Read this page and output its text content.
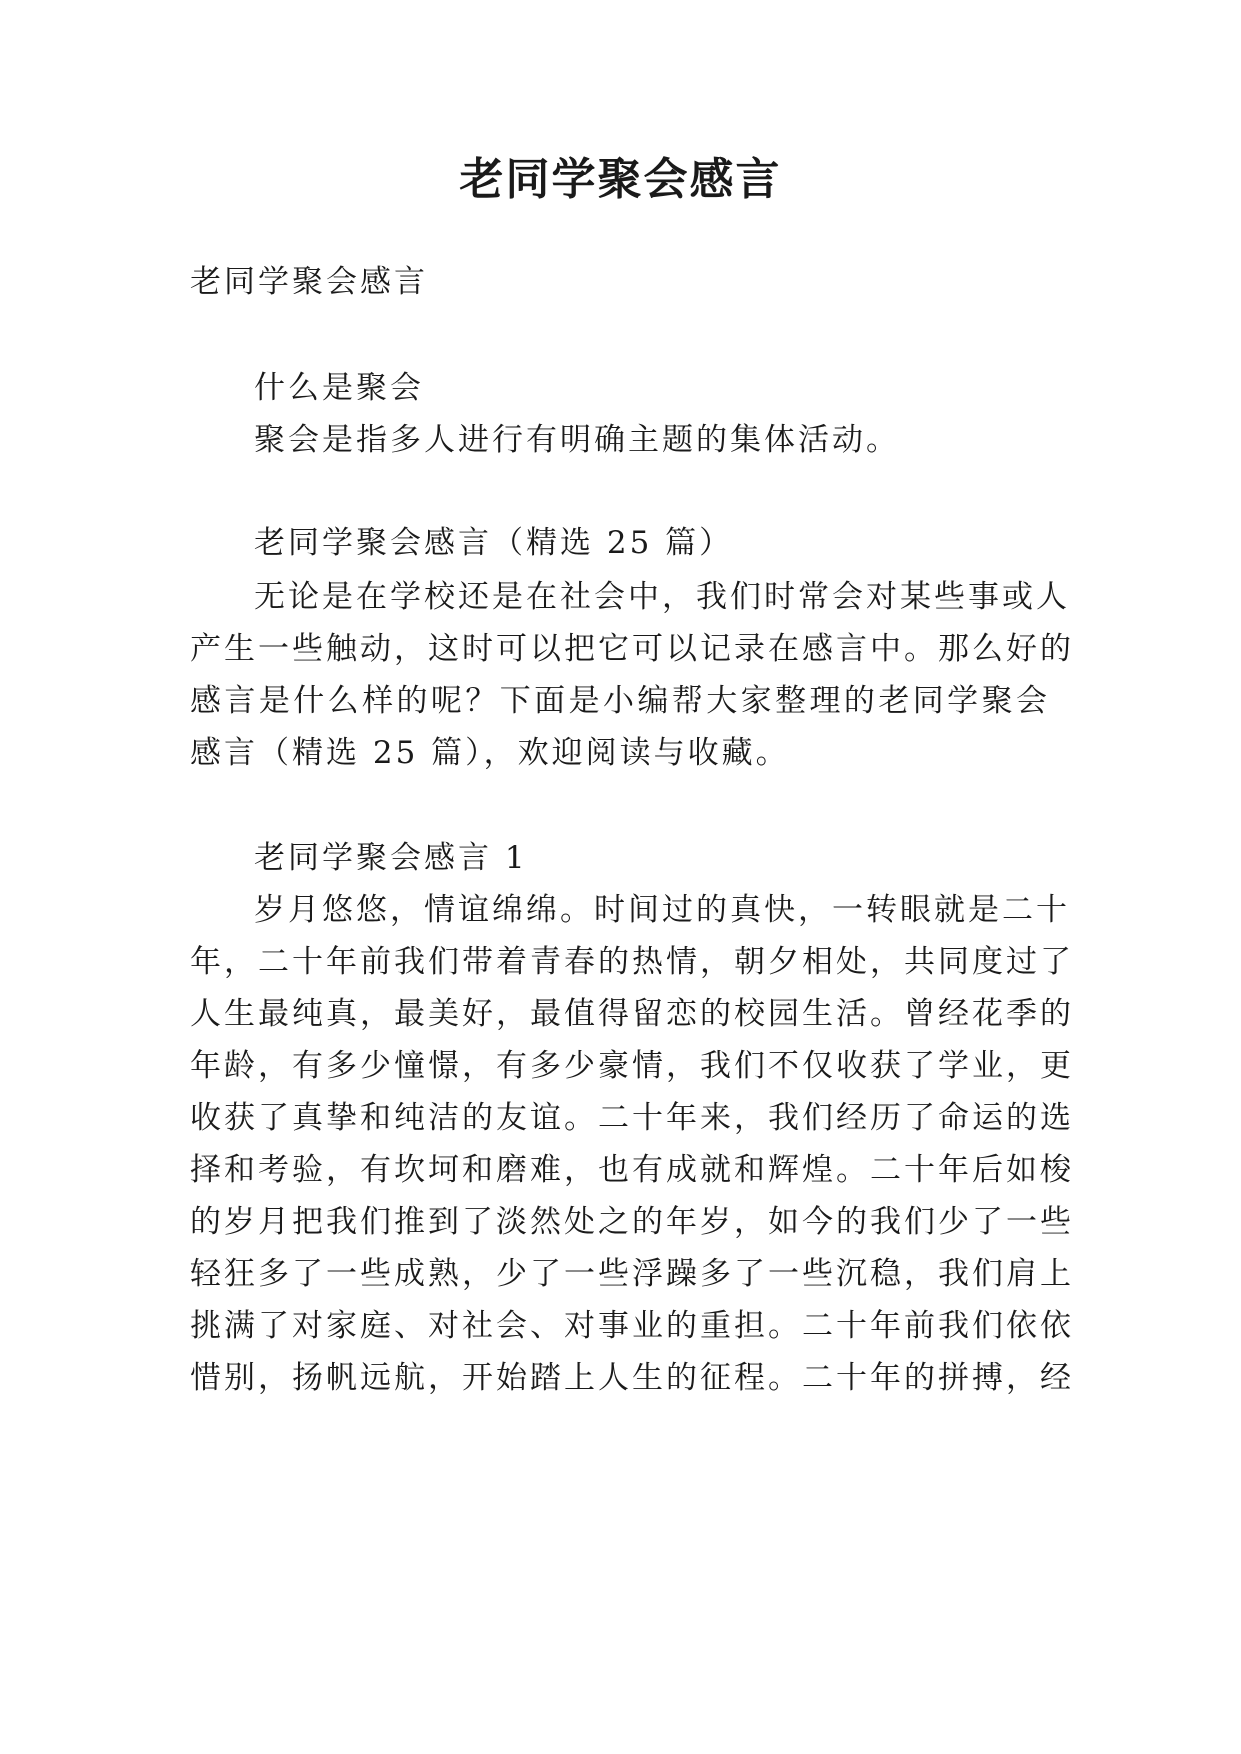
老同学聚会感言
老同学聚会感言
什么是聚会
聚会是指多人进行有明确主题的集体活动。
老同学聚会感言（精选 25 篇）
无论是在学校还是在社会中，我们时常会对某些事或人
产生一些触动，这时可以把它可以记录在感言中。那么好的
感言是什么样的呢？下面是小编帮大家整理的老同学聚会
感言（精选 25 篇），欢迎阅读与收藏。
老同学聚会感言 1
岁月悠悠，情谊绵绵。时间过的真快，一转眼就是二十
年，二十年前我们带着青春的热情，朝夕相处，共同度过了
人生最纯真，最美好，最值得留恋的校园生活。曾经花季的
年龄，有多少憧憬，有多少豪情，我们不仅收获了学业，更
收获了真挚和纯洁的友谊。二十年来，我们经历了命运的选
择和考验，有坎坷和磨难，也有成就和辉煌。二十年后如梭
的岁月把我们推到了淡然处之的年岁，如今的我们少了一些
轻狂多了一些成熟，少了一些浮躁多了一些沉稳，我们肩上
挑满了对家庭、对社会、对事业的重担。二十年前我们依依
惜别，扬帆远航，开始踏上人生的征程。二十年的拼搏，经
